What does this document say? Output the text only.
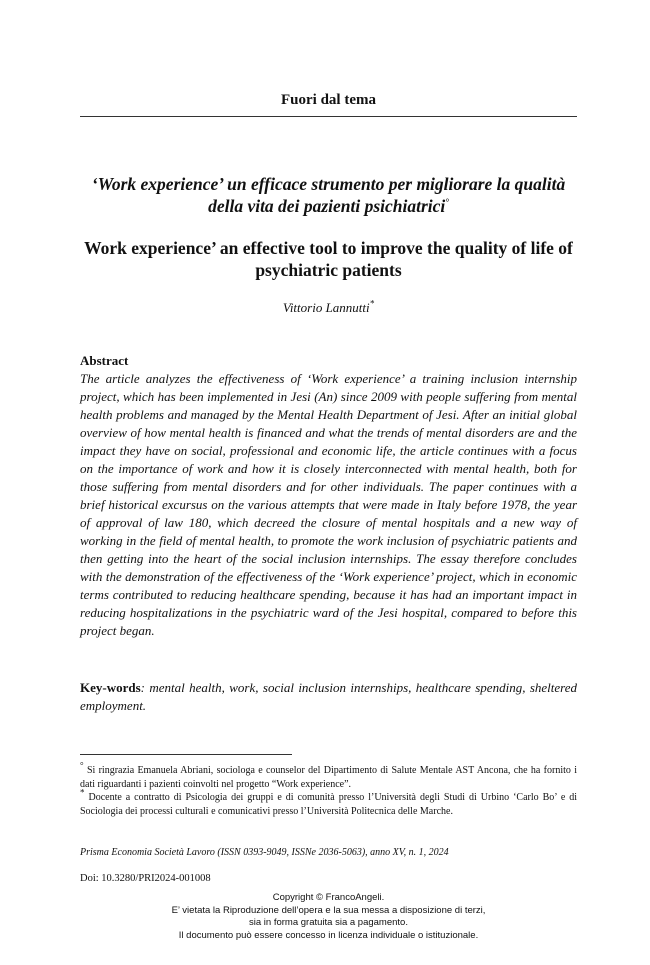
Fuori dal tema
‘Work experience’ un efficace strumento per migliorare la qualità della vita dei pazienti psichiatrici°
Work experience’ an effective tool to improve the quality of life of psychiatric patients
Vittorio Lannutti*
Abstract
The article analyzes the effectiveness of ‘Work experience’ a training inclusion internship project, which has been implemented in Jesi (An) since 2009 with people suffering from mental health problems and managed by the Mental Health Department of Jesi. After an initial global overview of how mental health is financed and what the trends of mental disorders are and the impact they have on social, professional and economic life, the article continues with a focus on the importance of work and how it is closely interconnected with mental health, both for those suffering from mental disorders and for other individuals. The paper continues with a brief historical excursus on the various attempts that were made in Italy before 1978, the year of approval of law 180, which decreed the closure of mental hospitals and a new way of working in the field of mental health, to promote the work inclusion of psychiatric patients and then getting into the heart of the social inclusion internships. The essay therefore concludes with the demonstration of the effectiveness of the ‘Work experience’ project, which in economic terms contributed to reducing healthcare spending, because it has had an important impact in reducing hospitalizations in the psychiatric ward of the Jesi hospital, compared to before this project began.
Key-words: mental health, work, social inclusion internships, healthcare spending, sheltered employment.

° Si ringrazia Emanuela Abriani, sociologa e counselor del Dipartimento di Salute Mentale AST Ancona, che ha fornito i dati riguardanti i pazienti coinvolti nel progetto “Work experience”.

* Docente a contratto di Psicologia dei gruppi e di comunità presso l’Università degli Studi di Urbino ‘Carlo Bo’ e di Sociologia dei processi culturali e comunicativi presso l’Università Politecnica delle Marche.

Prisma Economia Società Lavoro (ISSN 0393-9049, ISSNe 2036-5063), anno XV, n. 1, 2024
Doi: 10.3280/PRI2024-001008
Copyright © FrancoAngeli.
E’ vietata la Riproduzione dell’opera e la sua messa a disposizione di terzi,
sia in forma gratuita sia a pagamento.
Il documento può essere concesso in licenza individuale o istituzionale.
